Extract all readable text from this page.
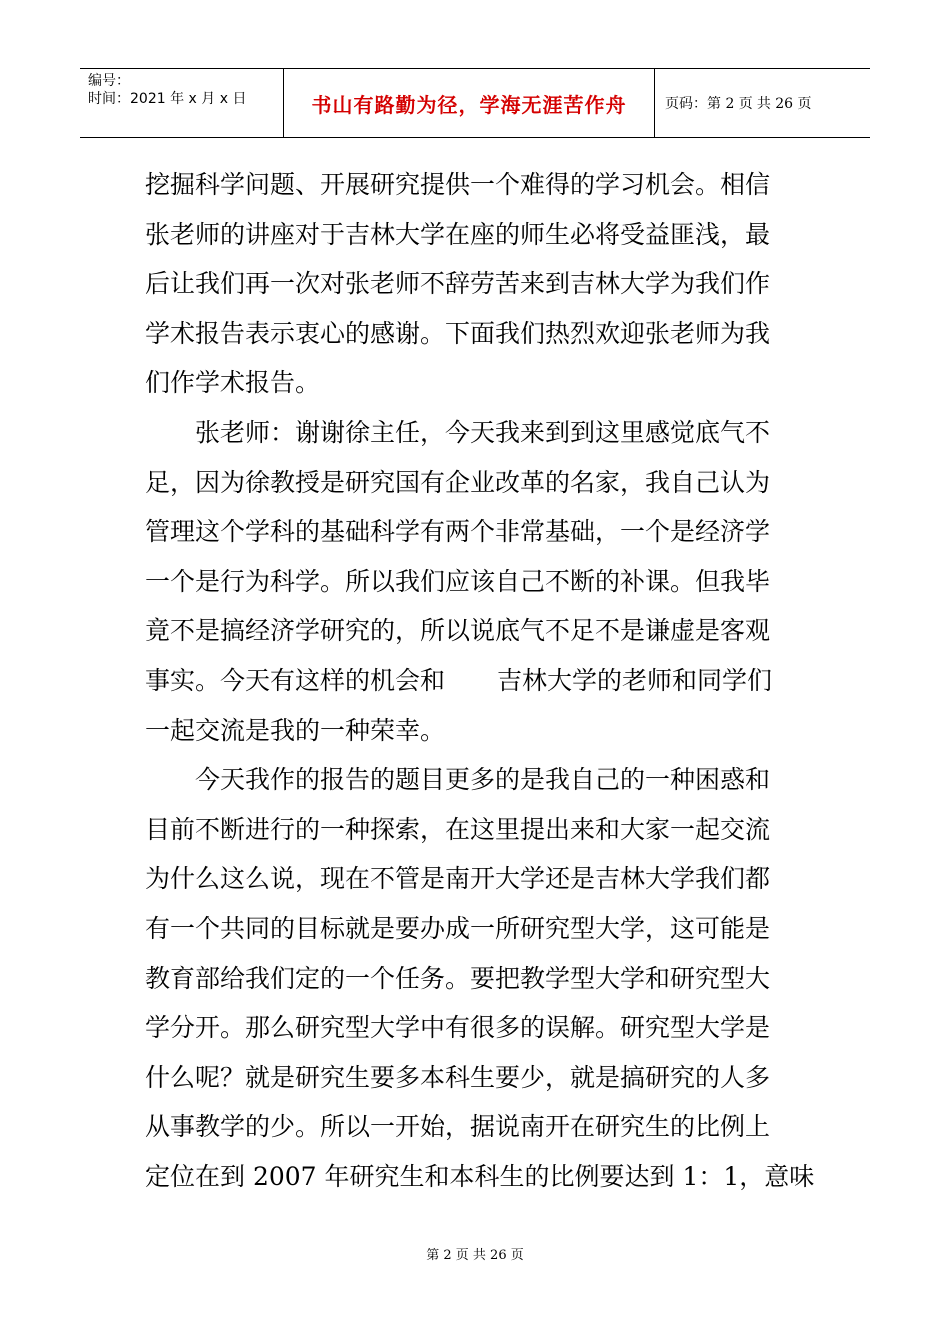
编号：
时间：2021 年 x 月 x 日	书山有路勤为径，学海无涯苦作舟	页码：第 2 页 共 26 页

挖掘科学问题、开展研究提供一个难得的学习机会。相信

张老师的讲座对于吉林大学在座的师生必将受益匪浅，最

后让我们再一次对张老师不辞劳苦来到吉林大学为我们作

学术报告表示衷心的感谢。下面我们热烈欢迎张老师为我

们作学术报告。

张老师：谢谢徐主任，今天我来到到这里感觉底气不

足，因为徐教授是研究国有企业改革的名家，我自己认为

管理这个学科的基础科学有两个非常基础，一个是经济学

一个是行为科学。所以我们应该自己不断的补课。但我毕

竟不是搞经济学研究的，所以说底气不足不是谦虚是客观

事实。今天有这样的机会和 吉林大学的老师和同学们

一起交流是我的一种荣幸。

今天我作的报告的题目更多的是我自己的一种困惑和

目前不断进行的一种探索，在这里提出来和大家一起交流

为什么这么说，现在不管是南开大学还是吉林大学我们都

有一个共同的目标就是要办成一所研究型大学，这可能是

教育部给我们定的一个任务。要把教学型大学和研究型大

学分开。那么研究型大学中有很多的误解。研究型大学是

什么呢？就是研究生要多本科生要少，就是搞研究的人多

从事教学的少。所以一开始，据说南开在研究生的比例上

定位在到 2007 年研究生和本科生的比例要达到 1：1，意味

第 2 页 共 26 页
